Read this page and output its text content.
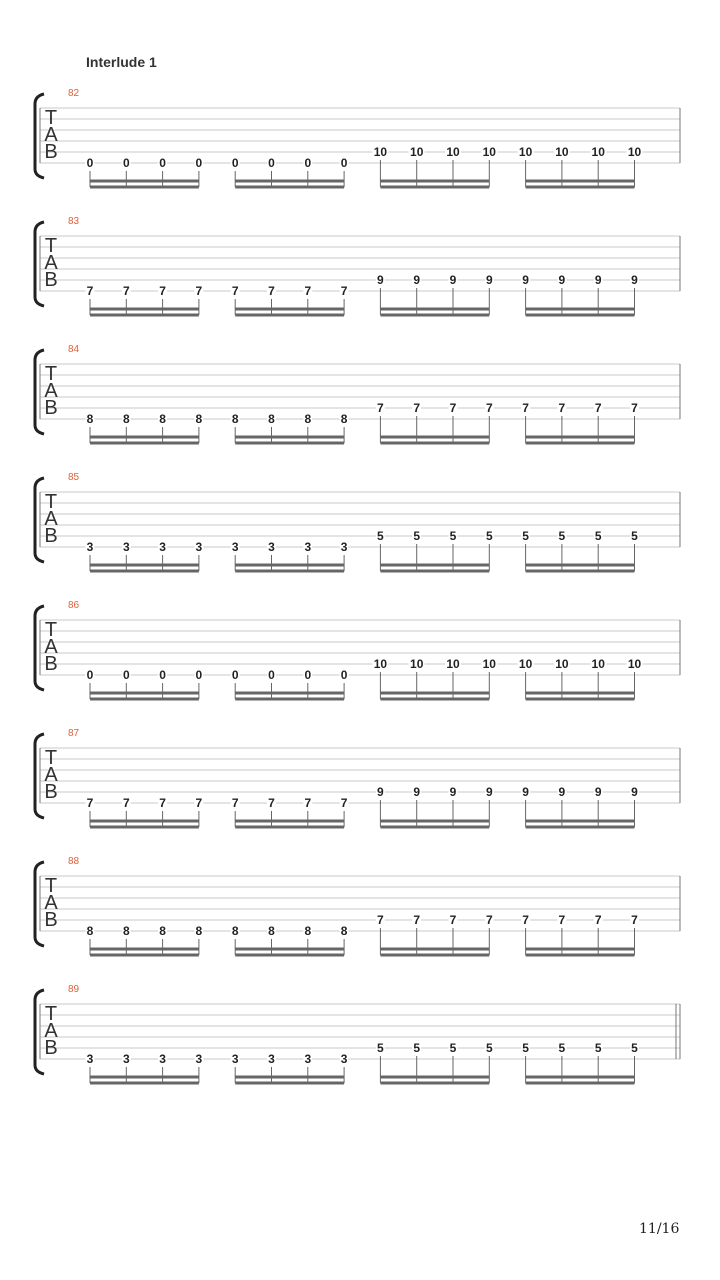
Interlude 1
82
T
A
B 0 0 0 0 0 0 0 0
10 10 10 10 10 10 10 10
83
T
A
B 7 7 7 7 7 7 7 7
9 9 9 9 9 9 9 9
84
T
A
B 8 8 8 8 8 8 8 8
7 7 7 7 7 7 7 7
85
T
A
B 3 3 3 3 3 3 3 3
5 5 5 5 5 5 5 5
86
T
A
B 0 0 0 0 0 0 0 0
10 10 10 10 10 10 10 10
87
T
A
B 7 7 7 7 7 7 7 7
9 9 9 9 9 9 9 9
88
T
A
B 8 8 8 8 8 8 8 8
7 7 7 7 7 7 7 7
89
T
A
B 3 3 3 3 3 3 3 3
5 5 5 5 5 5 5 5
11/16
